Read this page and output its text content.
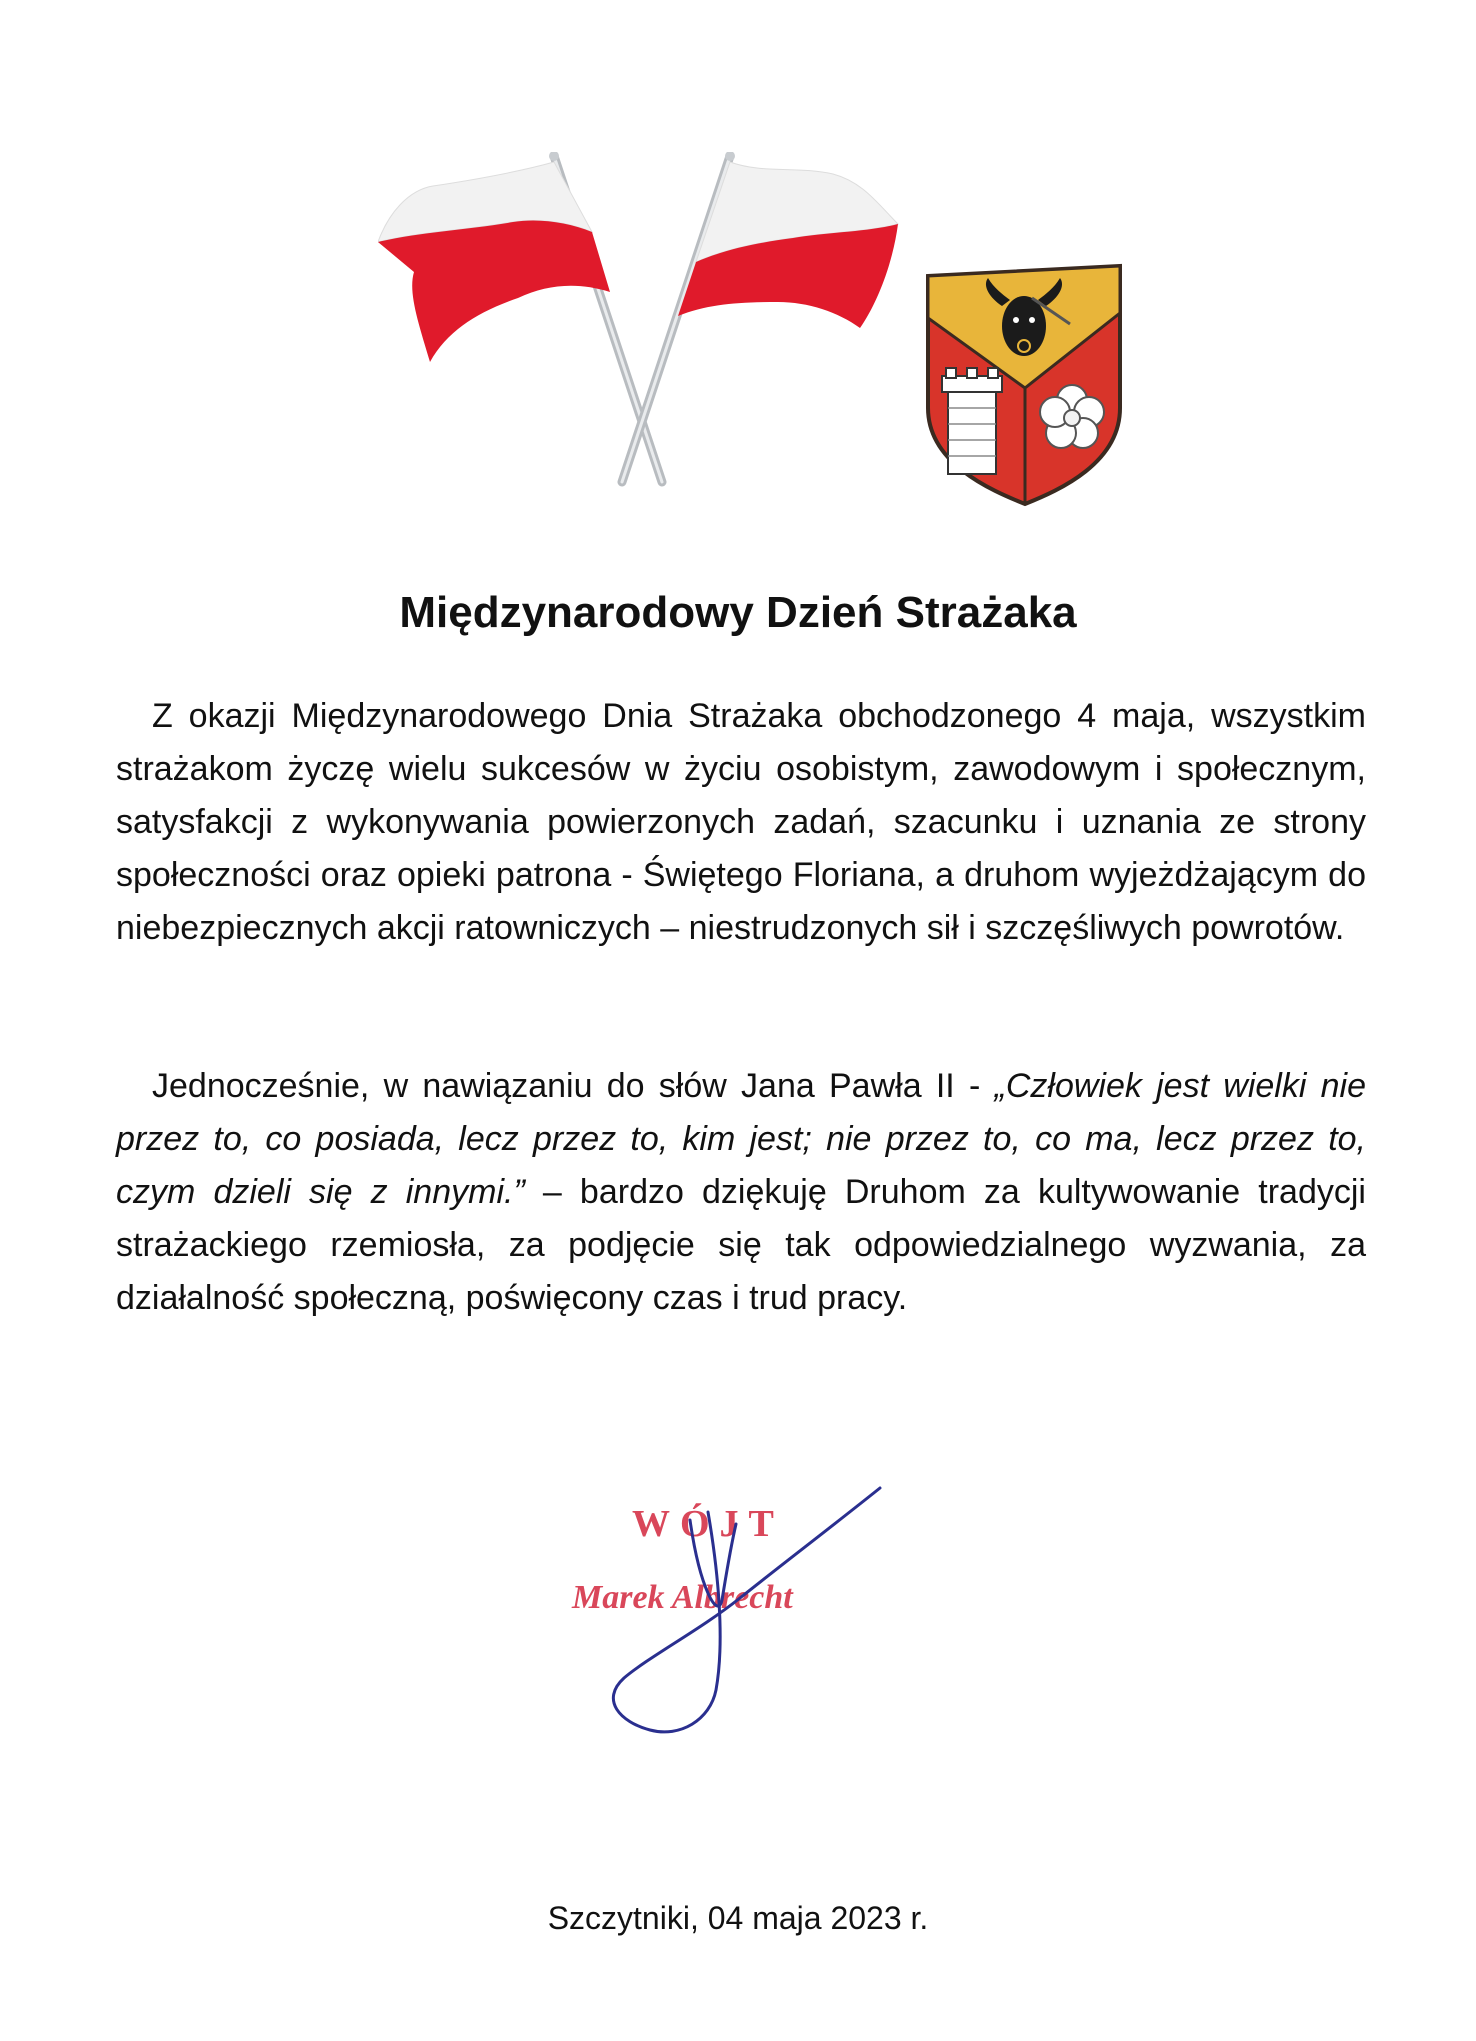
Międzynarodowy Dzień Strażaka

Z okazji Międzynarodowego Dnia Strażaka obchodzonego 4 maja, wszystkim strażakom życzę wielu sukcesów w życiu osobistym, zawodowym i społecznym, satysfakcji z wykonywania powierzonych zadań, szacunku i uznania ze strony społeczności oraz opieki patrona - Świętego Floriana, a druhom wyjeżdżającym do niebezpiecznych akcji ratowniczych – niestrudzonych sił i szczęśliwych powrotów.

Jednocześnie, w nawiązaniu do słów Jana Pawła II - „Człowiek jest wielki nie przez to, co posiada, lecz przez to, kim jest; nie przez to, co ma, lecz przez to, czym dzieli się z innymi.” – bardzo dziękuję Druhom za kultywowanie tradycji strażackiego rzemiosła, za podjęcie się tak odpowiedzialnego wyzwania, za działalność społeczną, poświęcony czas i trud pracy.

WÓJT
Marek Albrecht

Szczytniki, 04 maja 2023 r.
